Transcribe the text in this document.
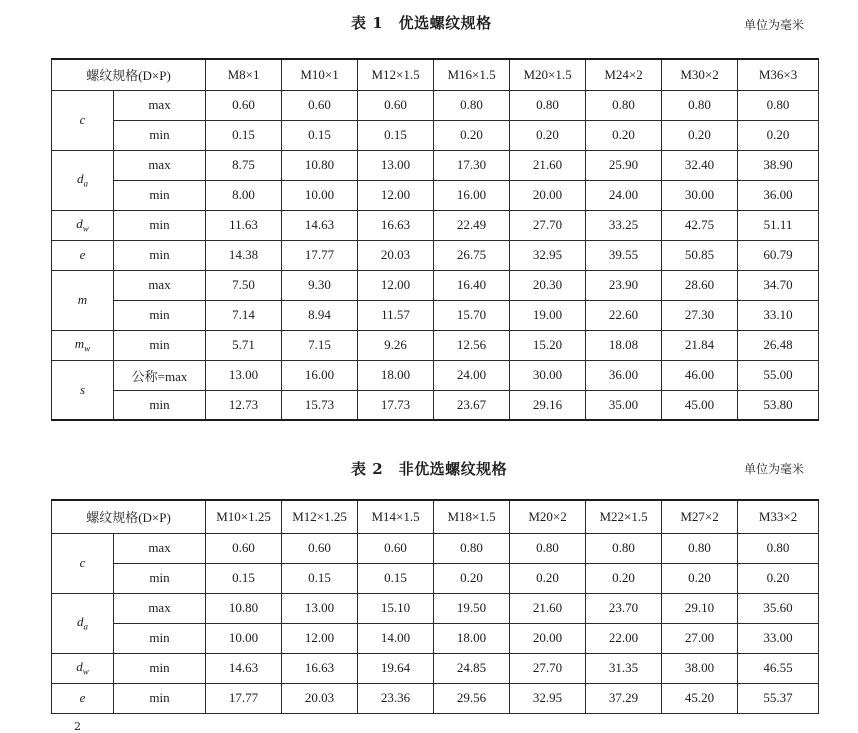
表 1　优选螺纹规格	单位为毫米
螺纹规格(D×P)		M8×1	M10×1	M12×1.5	M16×1.5	M20×1.5	M24×2	M30×2	M36×3
c	max	0.60	0.60	0.60	0.80	0.80	0.80	0.80	0.80
	min	0.15	0.15	0.15	0.20	0.20	0.20	0.20	0.20
$d_a$	max	8.75	10.80	13.00	17.30	21.60	25.90	32.40	38.90
	min	8.00	10.00	12.00	16.00	20.00	24.00	30.00	36.00
$d_w$	min	11.63	14.63	16.63	22.49	27.70	33.25	42.75	51.11
e	min	14.38	17.77	20.03	26.75	32.95	39.55	50.85	60.79
m	max	7.50	9.30	12.00	16.40	20.30	23.90	28.60	34.70
	min	7.14	8.94	11.57	15.70	19.00	22.60	27.30	33.10
$m_w$	min	5.71	7.15	9.26	12.56	15.20	18.08	21.84	26.48
s	公称=max	13.00	16.00	18.00	24.00	30.00	36.00	46.00	55.00
	min	12.73	15.73	17.73	23.67	29.16	35.00	45.00	53.80
表 2　非优选螺纹规格	单位为毫米
螺纹规格(D×P)		M10×1.25	M12×1.25	M14×1.5	M18×1.5	M20×2	M22×1.5	M27×2	M33×2
c	max	0.60	0.60	0.60	0.80	0.80	0.80	0.80	0.80
	min	0.15	0.15	0.15	0.20	0.20	0.20	0.20	0.20
$d_a$	max	10.80	13.00	15.10	19.50	21.60	23.70	29.10	35.60
	min	10.00	12.00	14.00	18.00	20.00	22.00	27.00	33.00
$d_w$	min	14.63	16.63	19.64	24.85	27.70	31.35	38.00	46.55
e	min	17.77	20.03	23.36	29.56	32.95	37.29	45.20	55.37
2
